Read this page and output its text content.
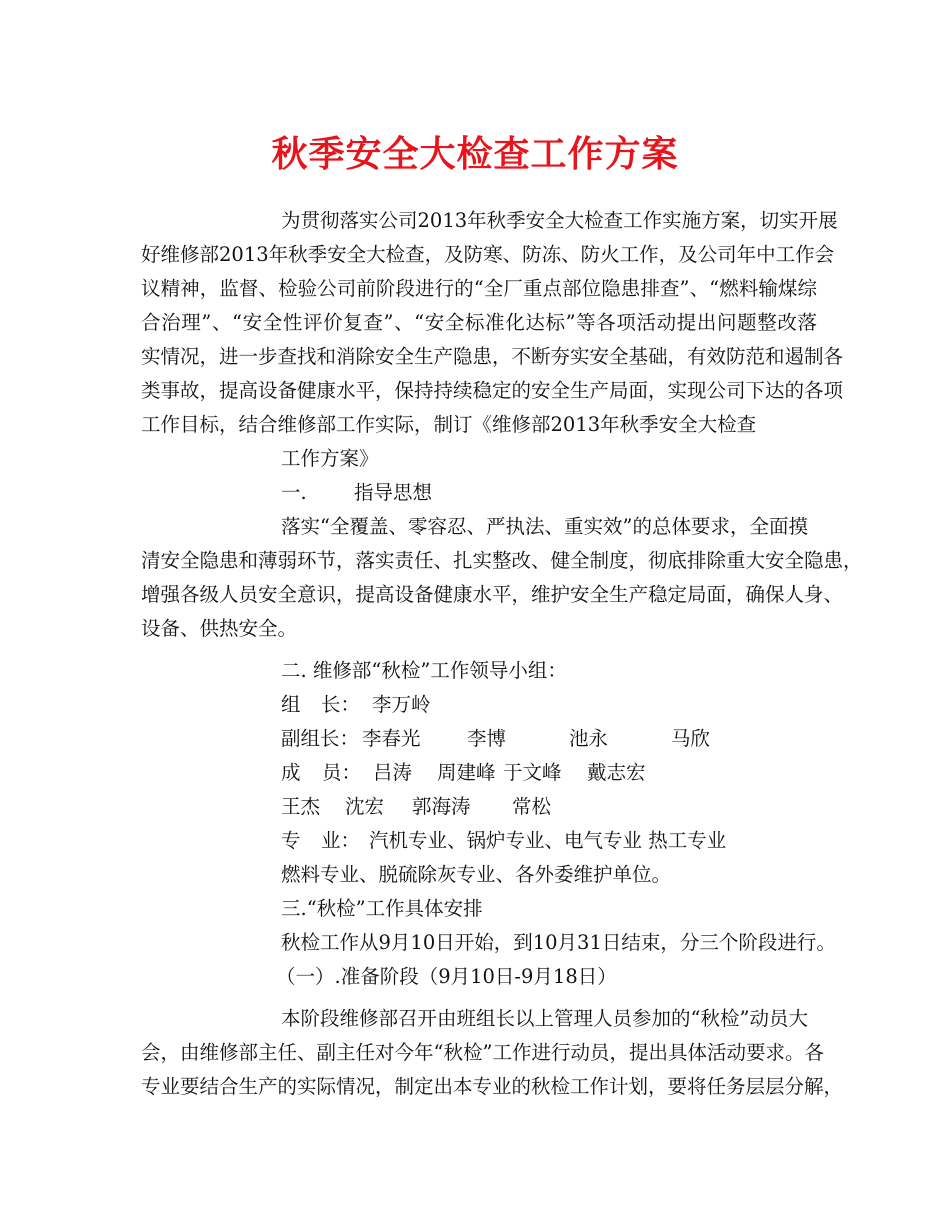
秋季安全大检查工作方案
为贯彻落实公司2013年秋季安全大检查工作实施方案，切实开展
好维修部2013年秋季安全大检查，及防寒、防冻、防火工作，及公司年中工作会
议精神，监督、检验公司前阶段进行的“全厂重点部位隐患排查”、“燃料输煤综
合治理”、“安全性评价复查”、“安全标准化达标”等各项活动提出问题整改落
实情况，进一步查找和消除安全生产隐患，不断夯实安全基础，有效防范和遏制各
类事故，提高设备健康水平，保持持续稳定的安全生产局面，实现公司下达的各项
工作目标，结合维修部工作实际，制订《维修部2013年秋季安全大检查
工作方案》
一. 指导思想
落实“全覆盖、零容忍、严执法、重实效”的总体要求，全面摸
清安全隐患和薄弱环节，落实责任、扎实整改、健全制度，彻底排除重大安全隐患，
增强各级人员安全意识，提高设备健康水平，维护安全生产稳定局面，确保人身、
设备、供热安全。
二. 维修部“秋检”工作领导小组：
组 长： 李万岭
副组长： 李春光 李博	池永	马欣
成 员： 吕涛 周建峰 于文峰 戴志宏
王杰 沈宏 郭海涛 常松
专 业： 汽机专业、锅炉专业、电气专业 热工专业
燃料专业、脱硫除灰专业、各外委维护单位。
三.“秋检”工作具体安排
秋检工作从9月10日开始，到10月31日结束，分三个阶段进行。
（一）.准备阶段（9月10日-9月18日）
本阶段维修部召开由班组长以上管理人员参加的“秋检”动员大
会，由维修部主任、副主任对今年“秋检”工作进行动员，提出具体活动要求。各
专业要结合生产的实际情况，制定出本专业的秋检工作计划，要将任务层层分解，
